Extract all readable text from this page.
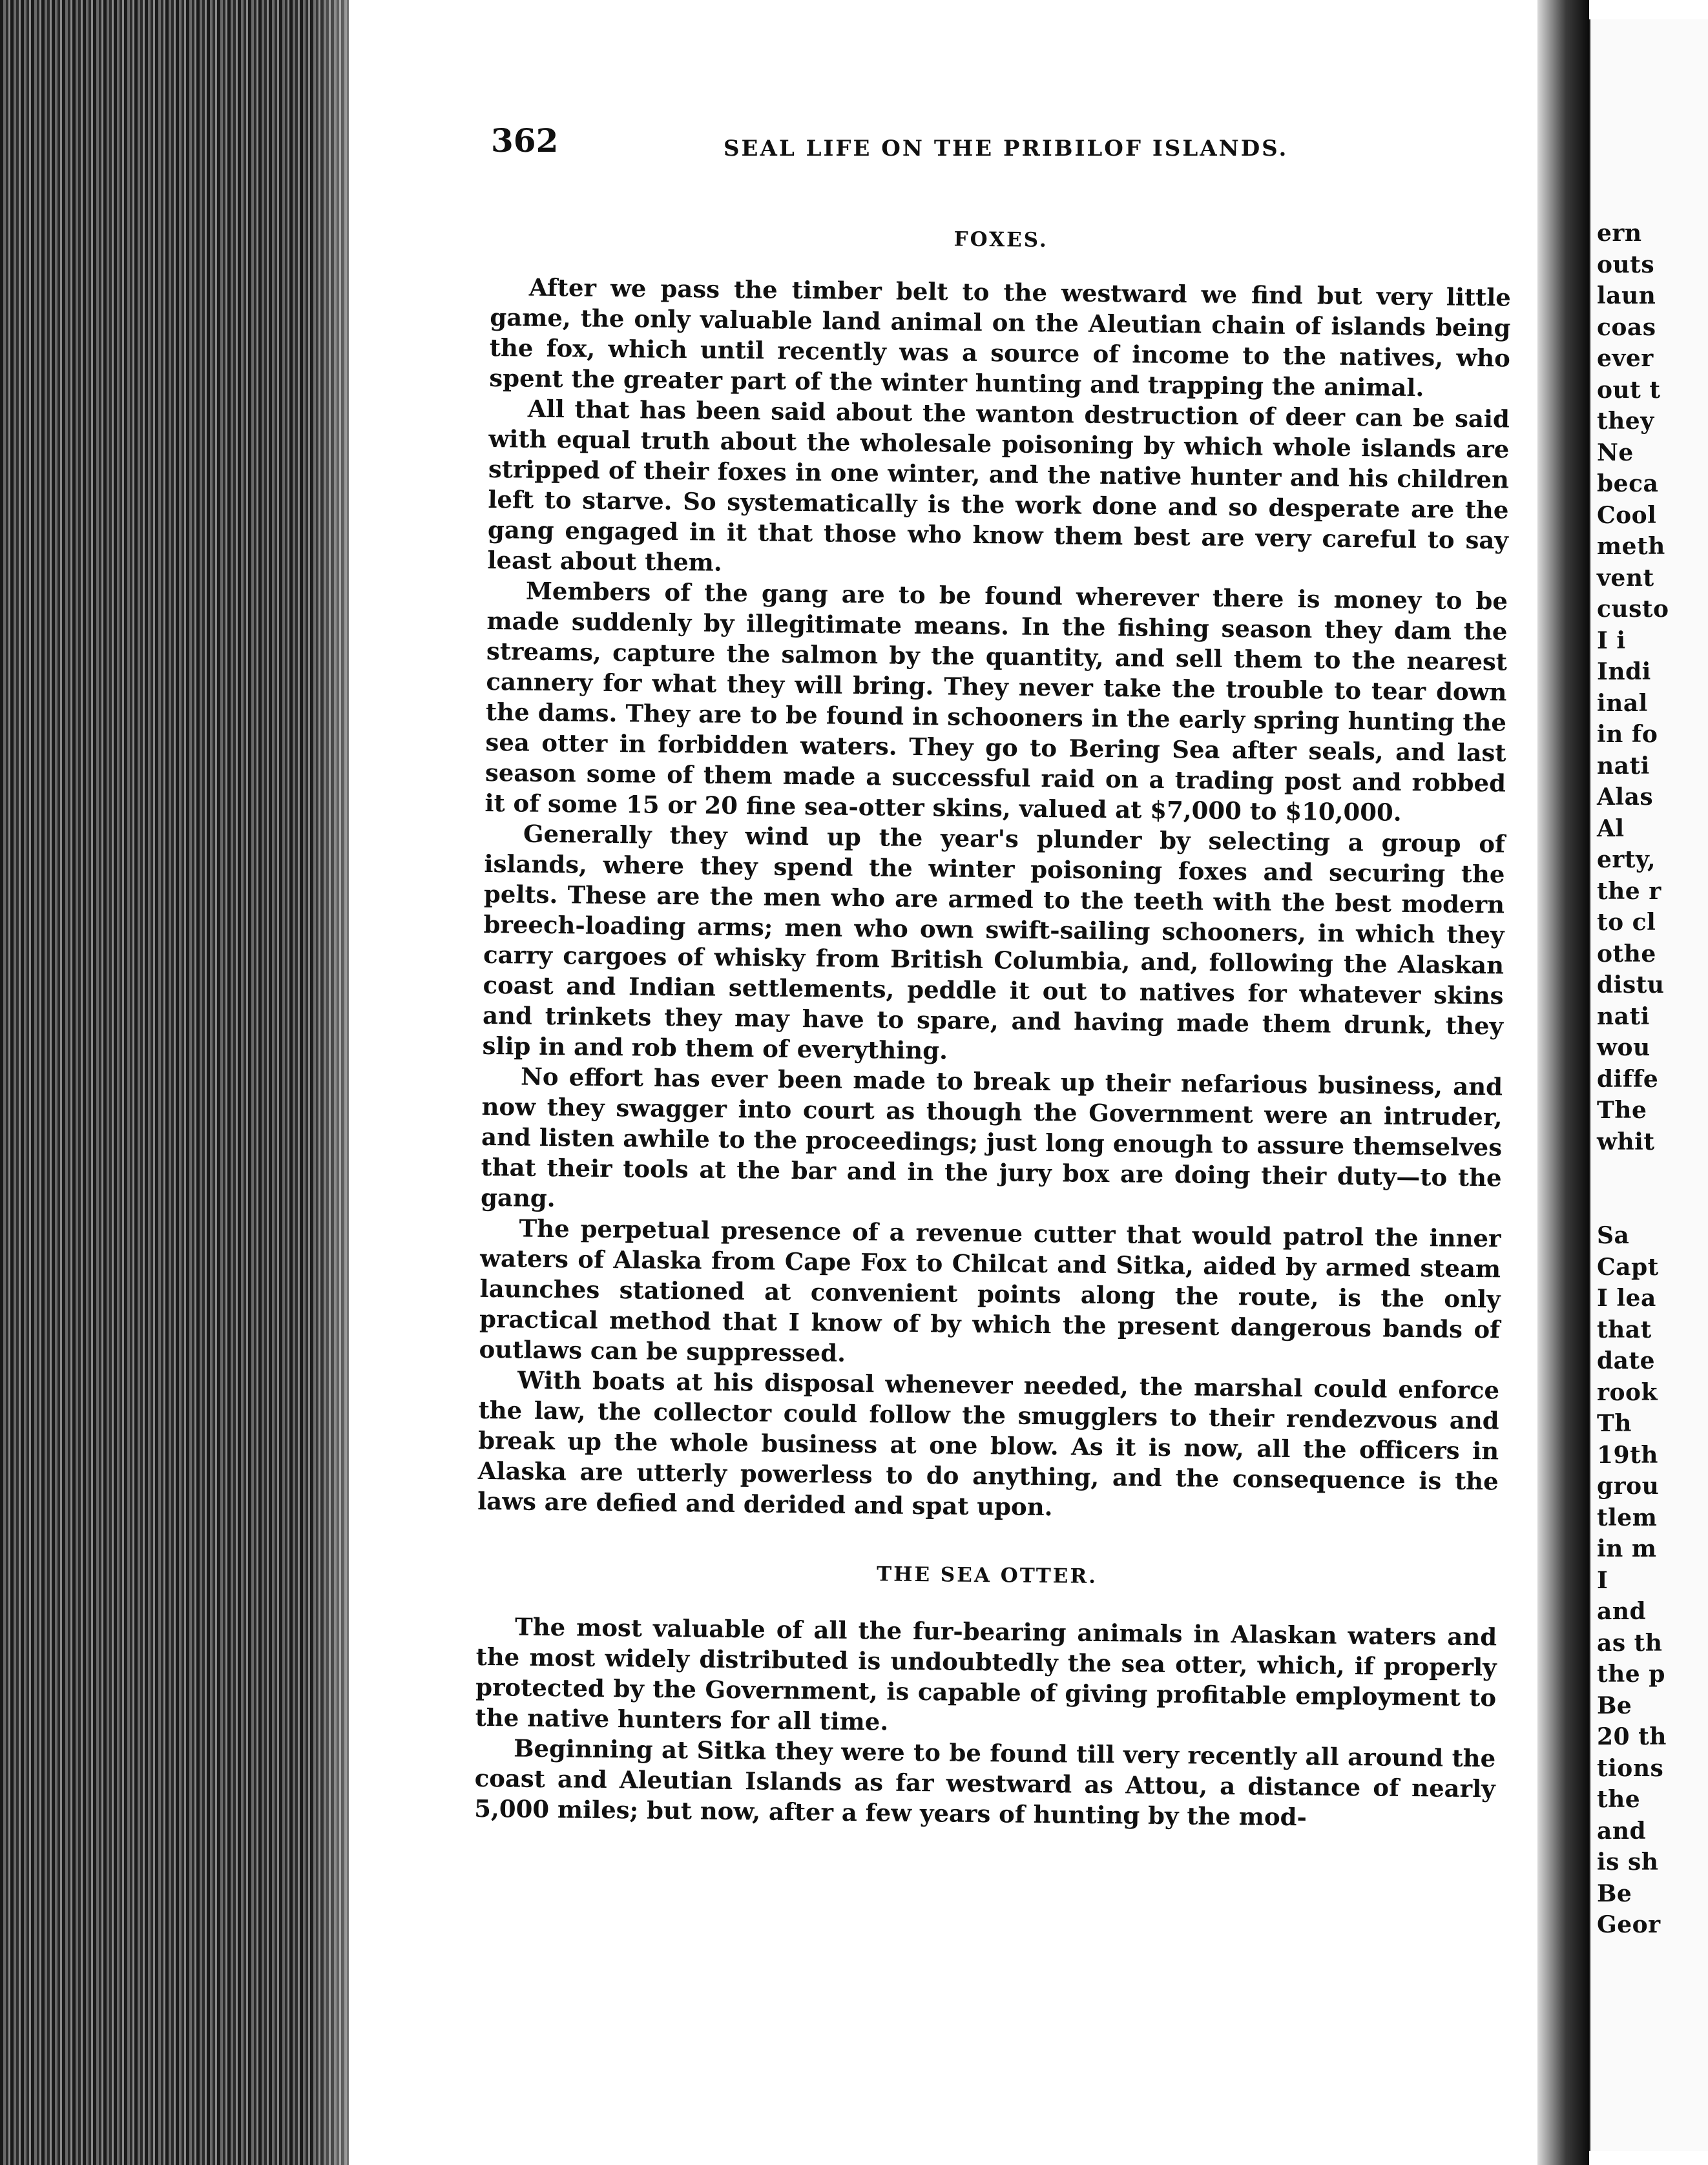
ern
outs
laun
coas
ever
out t
they
Ne
beca
Cool
meth
vent
custo
I i
Indi
inal
in fo
nati
Alas
Al
erty,
the r
to cl
othe
distu
nati
wou
diffe
The
whit
Sa
Capt
I lea
that
date
rook
Th
19th
grou
tlem
in m
I
and
as th
the p
Be
20 th
tions
the
and
is sh
Be
Geor
362	SEAL LIFE ON THE PRIBILOF ISLANDS.
FOXES.

After we pass the timber belt to the westward we find but very little game, the only valuable land animal on the Aleutian chain of islands being the fox, which until recently was a source of income to the natives, who spent the greater part of the winter hunting and trapping the animal.

All that has been said about the wanton destruction of deer can be said with equal truth about the wholesale poisoning by which whole islands are stripped of their foxes in one winter, and the native hunter and his children left to starve. So systematically is the work done and so desperate are the gang engaged in it that those who know them best are very careful to say least about them.

Members of the gang are to be found wherever there is money to be made suddenly by illegitimate means. In the fishing season they dam the streams, capture the salmon by the quantity, and sell them to the nearest cannery for what they will bring. They never take the trouble to tear down the dams. They are to be found in schooners in the early spring hunting the sea otter in forbidden waters. They go to Bering Sea after seals, and last season some of them made a successful raid on a trading post and robbed it of some 15 or 20 fine sea-otter skins, valued at $7,000 to $10,000.

Generally they wind up the year's plunder by selecting a group of islands, where they spend the winter poisoning foxes and securing the pelts. These are the men who are armed to the teeth with the best modern breech-loading arms; men who own swift-sailing schooners, in which they carry cargoes of whisky from British Columbia, and, following the Alaskan coast and Indian settlements, peddle it out to natives for whatever skins and trinkets they may have to spare, and having made them drunk, they slip in and rob them of everything.

No effort has ever been made to break up their nefarious business, and now they swagger into court as though the Government were an intruder, and listen awhile to the proceedings; just long enough to assure themselves that their tools at the bar and in the jury box are doing their duty—to the gang.

The perpetual presence of a revenue cutter that would patrol the inner waters of Alaska from Cape Fox to Chilcat and Sitka, aided by armed steam launches stationed at convenient points along the route, is the only practical method that I know of by which the present dangerous bands of outlaws can be suppressed.

With boats at his disposal whenever needed, the marshal could enforce the law, the collector could follow the smugglers to their rendezvous and break up the whole business at one blow. As it is now, all the officers in Alaska are utterly powerless to do anything, and the consequence is the laws are defied and derided and spat upon.

THE SEA OTTER.

The most valuable of all the fur-bearing animals in Alaskan waters and the most widely distributed is undoubtedly the sea otter, which, if properly protected by the Government, is capable of giving profitable employment to the native hunters for all time.

Beginning at Sitka they were to be found till very recently all around the coast and Aleutian Islands as far westward as Attou, a distance of nearly 5,000 miles; but now, after a few years of hunting by the mod-
